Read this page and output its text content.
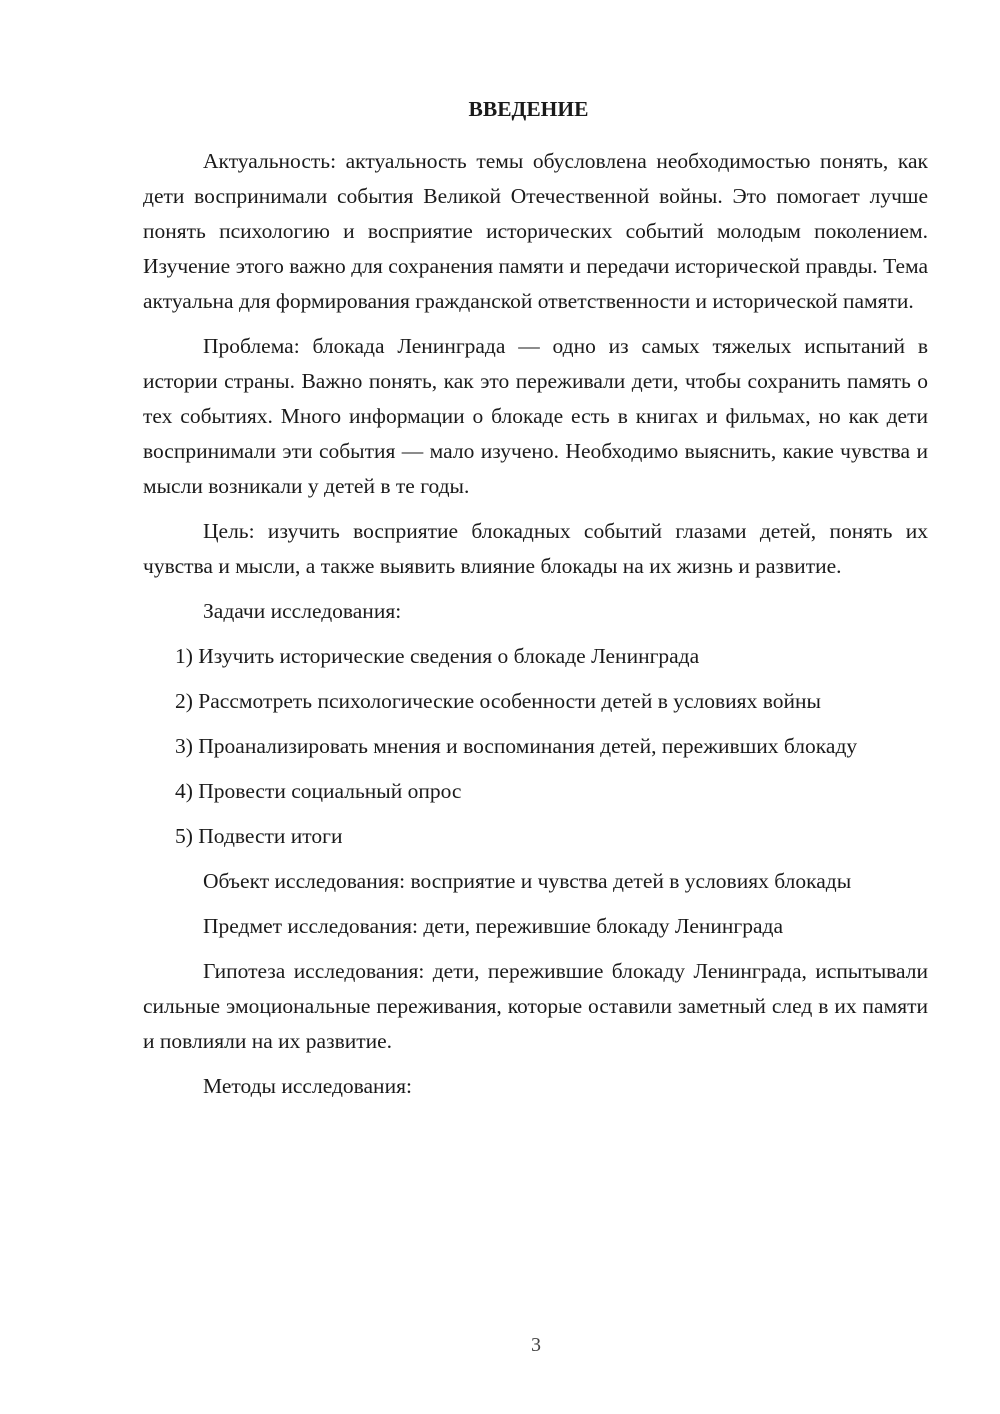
ВВЕДЕНИЕ

Актуальность: актуальность темы обусловлена необходимостью понять, как дети воспринимали события Великой Отечественной войны. Это помогает лучше понять психологию и восприятие исторических событий молодым поколением. Изучение этого важно для сохранения памяти и передачи исторической правды. Тема актуальна для формирования гражданской ответственности и исторической памяти.

Проблема: блокада Ленинграда — одно из самых тяжелых испытаний в истории страны. Важно понять, как это переживали дети, чтобы сохранить память о тех событиях. Много информации о блокаде есть в книгах и фильмах, но как дети воспринимали эти события — мало изучено. Необходимо выяснить, какие чувства и мысли возникали у детей в те годы.

Цель: изучить восприятие блокадных событий глазами детей, понять их чувства и мысли, а также выявить влияние блокады на их жизнь и развитие.

Задачи исследования:

1) Изучить исторические сведения о блокаде Ленинграда

2) Рассмотреть психологические особенности детей в условиях войны

3) Проанализировать мнения и воспоминания детей, переживших блокаду

4) Провести социальный опрос

5) Подвести итоги

Объект исследования: восприятие и чувства детей в условиях блокады

Предмет исследования: дети, пережившие блокаду Ленинграда

Гипотеза исследования: дети, пережившие блокаду Ленинграда, испытывали сильные эмоциональные переживания, которые оставили заметный след в их памяти и повлияли на их развитие.

Методы исследования:

3
